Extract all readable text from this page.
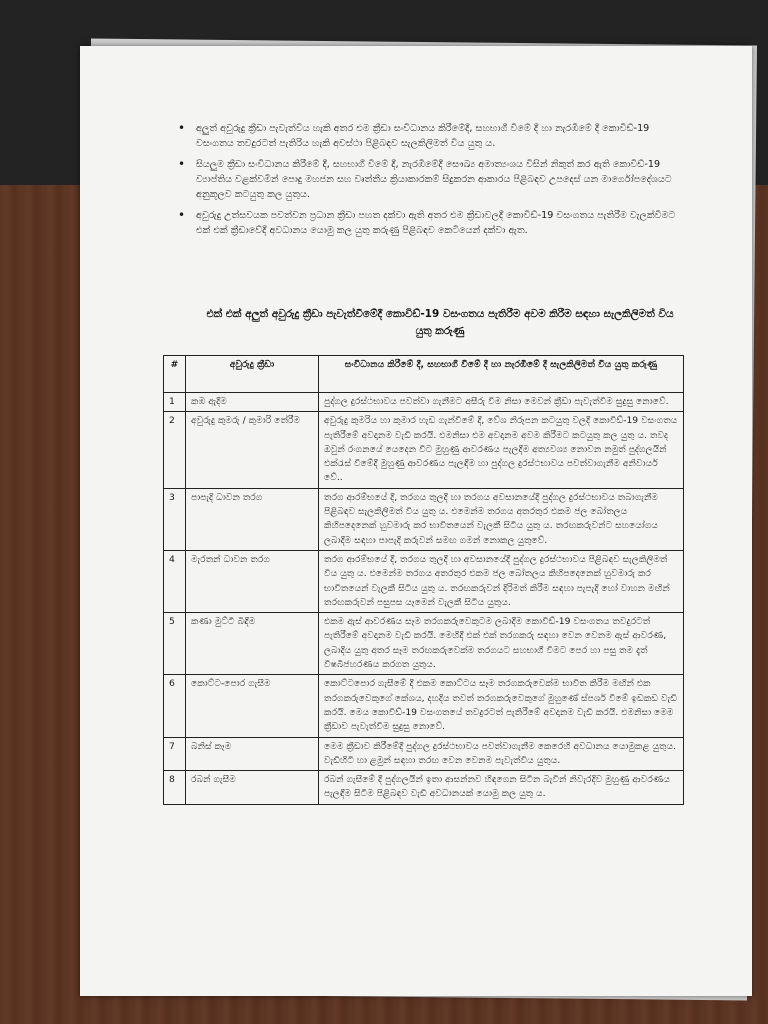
• අලුත් අවුරුදු ක්‍රීඩා පැවැත්විය හැකි අතර එම ක්‍රීඩා සංවිධානය කිරීමේදී, සහභාගී වීමේ දී හා නැරඹීමේ දී කොවිඩ්-19 වසංගතය තවදුරටත් පැතිරිය හැකි අවස්ථා පිළිබඳව සැලකිලිමත් විය යුතු ය.
• සියලුම ක්‍රීඩා සංවිධානය කිරීමේ දී, සහභාගී වීමේ දී, නැරඹීමේදී සෞඛ්‍ය අමාත්‍යංශය විසින් නිකුත් කර ඇති කොවිඩ්-19 ව්‍යාප්තිය වළක්වමින් පොදු මහජන සහ වෘත්තීය ක්‍රියාකාරකම් සිදුකරන ආකාරය පිළිබඳව උපදෙස් යන මාර්ගෝපදේශයට අනුකූලව කටයුතු කල යුතුය.
• අවුරුදු උත්සවයක පවත්වන ප්‍රධාන ක්‍රීඩා පහත දක්වා ඇති අතර එම ක්‍රීඩාවලදී කොවිඩ්-19 වසංගතය පැතිරීම වැලක්වීමට එක් එක් ක්‍රීඩාවේදී අවධානය යොමු කල යුතු කරුණු පිළිබඳව කෙටියෙන් දක්වා ඇත.
එක් එක් අලුත් අවුරුදු ක්‍රීඩා පැවැත්වීමේදී කොවිඩ්-19 වසංගතය පැතිරීම අවම කිරීම සඳහා සැලකිලිමත් විය යුතු කරුණු
#	අවුරුදු ක්‍රීඩා	සංවිධානය කිරීමේ දී, සහභාගී වීමේ දී හා නැරඹීමේ දී සැලකිලිමත් විය යුතු කරුණු
1	කඹ ඇදීම	පුද්ගල දුරස්ථභාවය පවත්වා ගැනීමට අසීරු වීම නිසා මෙවන් ක්‍රීඩා පැවැත්වීම සුදුසු නොවේ.
2	අවුරුදු කුමරු / කුමාරි තේරීම	අවුරුදු කුමරිය හා කුමාර හැඩ ගැන්වීමේ දී, වේශ නිරූපන කටයුතු වලදී කොවිඩ්-19 වසංගතය පැතිරීමේ අවදානම වැඩි කරයි. එමනිසා එම අවදානම අවම කිරීමට කටයුතු කල යුතු ය. තවද ඔවුන් රංගනයේ යෙදෙන විට මුහුණු ආවරණය පැලදීම අත්‍යවශ්‍ය නොවන නමුත් පුද්ගලයින් එක්රැස් වීමේදී මුහුණු ආවරණය පැලඳීම හා පුද්ගල දුරස්ථභාවය පවත්වාගැනීම අනිවාර්ය වේ..
3	පාපැදි ධාවන තරග	තරග ආරම්භයේ දී, තරගය තුලදී හා තරගය අවසානයේදී පුද්ගල දුරස්ථභාවය තබාගැනීම පිළිබඳව සැලකිලිමත් විය යුතු ය. එමෙන්ම තරගය අතරතුර එකම ජල බෝතලය කිහිපදෙනෙක් හුවමාරු කර භාවිතයෙන් වැලකී සිටිය යුතු ය. තරඟකරුවන්ට සහයෝගය ලබාදීම සඳහා පාපැදි කරුවන් සමඟ ගමන් නොකල යුතුවේ.
4	මැරතන් ධාවන තරග	තරග ආරම්භයේ දී, තරගය තුලදී හා අවසානයේදී පුද්ගල දුරස්ථභාවය පිළිබඳව සැලකිලිමත් විය යුතු ය. එමෙන්ම තරගය අතරතුර එකම ජල බෝතලය කිහිපදෙනෙක් හුවමාරු කර භාවිතයෙන් වැලකී සිටිය යුතු ය. තරඟකරුවන් දිරිමත් කිරීම සඳහා පැපැදි හෝ වාහන මඟින් තරඟකරුවන් පසුපස යෑමෙන් වැලකී සිටිය යුතුය.
5	කණා මුට්ටි බිඳීම	එකම ඇස් ආවරණය සෑම තරගකරුවෙකුටම ලබාදීම කොවිඩ්-19 වසංගතය තවදුරටත් පැතිරීමේ අවදානම වැඩි කරයි. මෙහිදී එක් එක් තරගකරු සඳහා වෙන වෙනම ඇස් ආවරණ, ලබාදිය යුතු අතර සෑම තරඟකරුවෙක්ම තරගයට සහභාගී වීමට පෙර හා පසු තම දැත් විෂබීජහරණය කරගත යුතුය.
6	කොට්ට-පොර ගැසීම	කොට්ටපොර ගැසීමේ දී එකම කොට්ටය සෑම තරගකරුවෙක්ම භාවිත කිරීම මඟින් එක තරගකරුවෙකුගේ කේශය, දහදිය තවත් තරගකරුවෙකුගේ මුහුණේ ස්පර්ශ වීමේ ඉඩකඩ වැඩි කරයි. මෙය කොවිඩ්-19 වසංගතයේ තවදුරටත් පැතිරීමේ අවදානම වැඩි කරයි. එමනිසා මෙම ක්‍රීඩාව පැවැත්වීම සුදුසු නොවේ.
7	බනිස් කෑම	මෙම ක්‍රීඩාව කිරීමේදී පුද්ගල දුරස්ථභාවය පවත්වාගැනීම කෙරෙහි අවධානය යොමුකළ යුතුය. වැඩිහිටි හා ළමුන් සඳහා තරඟ වෙන වෙනම පැවැත්විය යුතුය.
8	රබන් ගැසීම	රබන් ගැසීමේ දී පුද්ගලයින් ඉතා ආසන්නව හිඳගෙන සිටින බැවින් නිවැරදිව මුහුණු ආවරණය පැලඳීම සිටීම පිළිබඳව වැඩි අවධානයක් යොමු කල යුතු ය.
